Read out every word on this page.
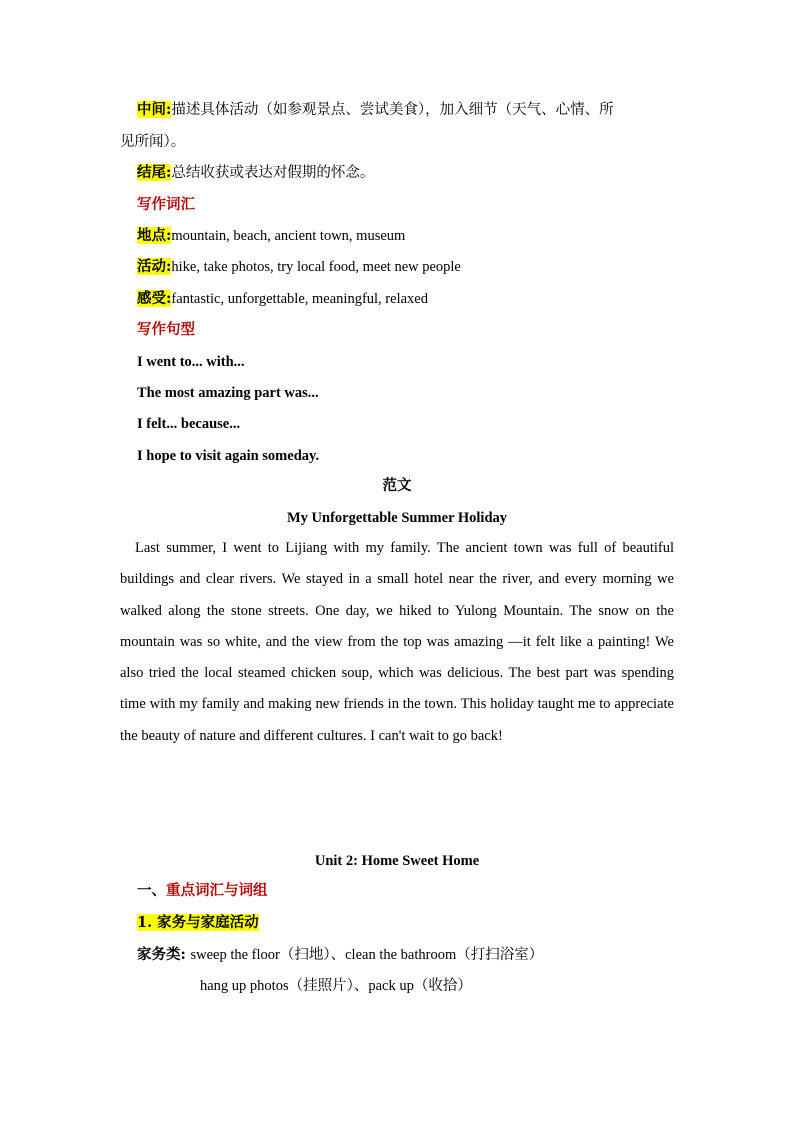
中间:描述具体活动（如参观景点、尝试美食），加入细节（天气、心情、所
见所闻）。
结尾:总结收获或表达对假期的怀念。
写作词汇
地点:mountain, beach, ancient town, museum
活动:hike, take photos, try local food, meet new people
感受:fantastic, unforgettable, meaningful, relaxed
写作句型
I went to... with...
The most amazing part was...
I felt... because...
I hope to visit again someday.
范文
My Unforgettable Summer Holiday

Last summer, I went to Lijiang with my family. The ancient town was full of beautiful buildings and clear rivers. We stayed in a small hotel near the river, and every morning we walked along the stone streets. One day, we hiked to Yulong Mountain. The snow on the mountain was so white, and the view from the top was amazing —it felt like a painting! We also tried the local steamed chicken soup, which was delicious. The best part was spending time with my family and making new friends in the town. This holiday taught me to appreciate the beauty of nature and different cultures. I can't wait to go back!

Unit 2: Home Sweet Home
一、重点词汇与词组
1. 家务与家庭活动
家务类: sweep the floor（扫地）、clean the bathroom（打扫浴室）
hang up photos（挂照片）、pack up（收拾）
